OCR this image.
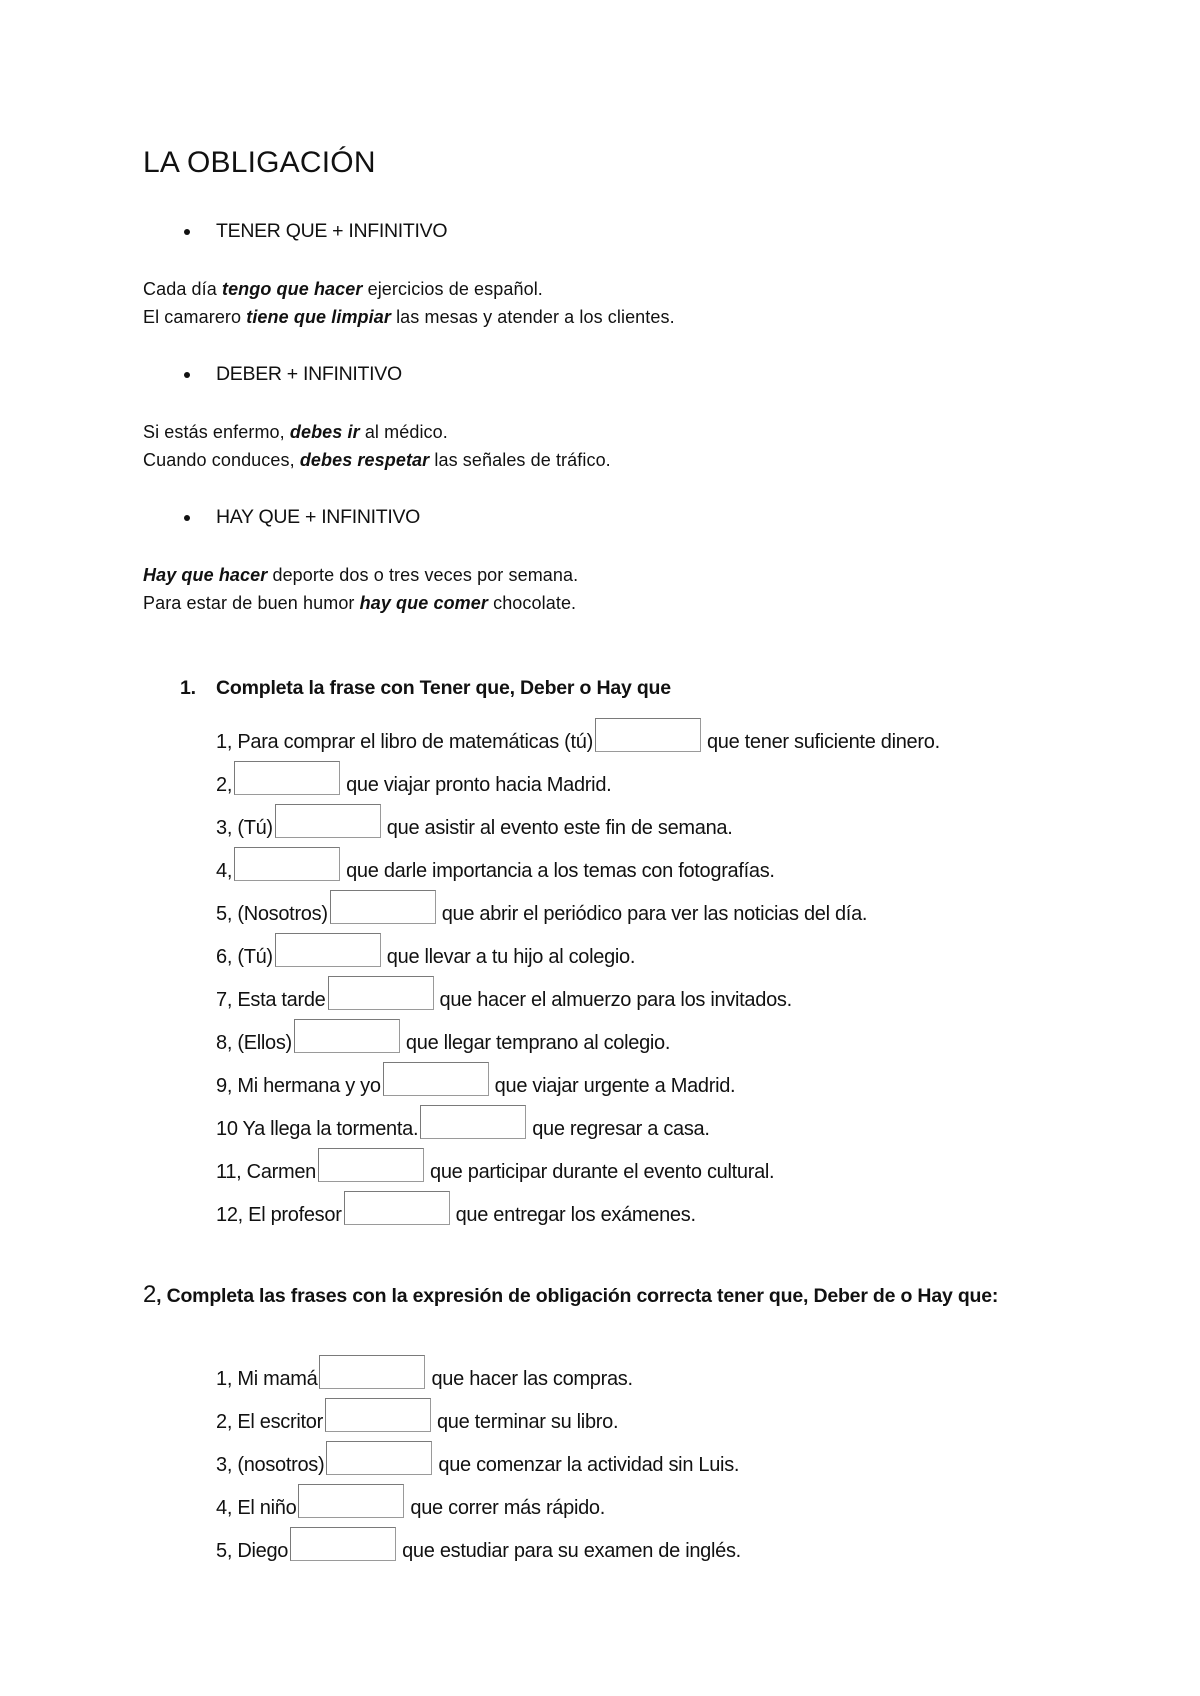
LA OBLIGACIÓN
TENER QUE + INFINITIVO
Cada día tengo que hacer ejercicios de español.
El camarero tiene que limpiar las mesas y atender a los clientes.
DEBER + INFINITIVO
Si estás enfermo, debes ir al médico.
Cuando conduces, debes respetar las señales de tráfico.
HAY QUE + INFINITIVO
Hay que hacer deporte dos o tres veces por semana.
Para estar de buen humor hay que comer chocolate.
1. Completa la frase con Tener que, Deber o Hay que
1, Para comprar el libro de matemáticas (tú)	que tener suficiente dinero.
2,	que viajar pronto hacia Madrid.
3, (Tú)	que asistir al evento este fin de semana.
4,	que darle importancia a los temas con fotografías.
5, (Nosotros)	que abrir el periódico para ver las noticias del día.
6, (Tú)	que llevar a tu hijo al colegio.
7, Esta tarde	que hacer el almuerzo para los invitados.
8, (Ellos)	que llegar temprano al colegio.
9, Mi hermana y yo	que viajar urgente a Madrid.
10 Ya llega la tormenta.	que regresar a casa.
11, Carmen	que participar durante el evento cultural.
12, El profesor	que entregar los exámenes.
2, Completa las frases con la expresión de obligación correcta tener que, Deber de o Hay que:
1, Mi mamá	que hacer las compras.
2, El escritor	que terminar su libro.
3, (nosotros)	que comenzar la actividad sin Luis.
4, El niño	que correr más rápido.
5, Diego	que estudiar para su examen de inglés.
